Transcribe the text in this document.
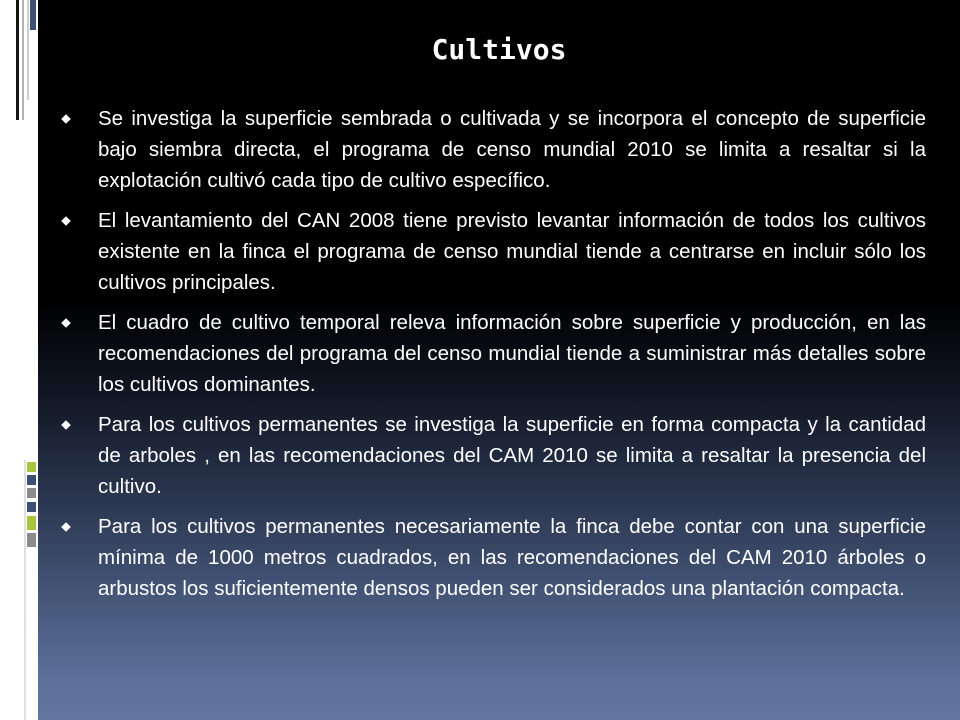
Cultivos
Se investiga la superficie sembrada o cultivada y se incorpora el concepto de superficie bajo siembra directa, el programa de censo mundial 2010 se limita a resaltar si la explotación cultivó cada tipo de cultivo específico.
El levantamiento del CAN 2008 tiene previsto levantar información de todos los cultivos existente en la finca el programa de censo mundial tiende a centrarse en incluir sólo los cultivos principales.
El cuadro de cultivo temporal releva información sobre superficie y producción, en las recomendaciones del programa del censo mundial tiende a suministrar más detalles sobre los cultivos dominantes.
Para los cultivos permanentes se investiga la superficie en forma compacta y la cantidad de arboles , en las recomendaciones del CAM 2010 se limita a resaltar la presencia del cultivo.
Para los cultivos permanentes necesariamente la finca debe contar con una superficie mínima de 1000 metros cuadrados, en las recomendaciones del CAM 2010 árboles o arbustos los suficientemente densos pueden ser considerados una plantación compacta.
